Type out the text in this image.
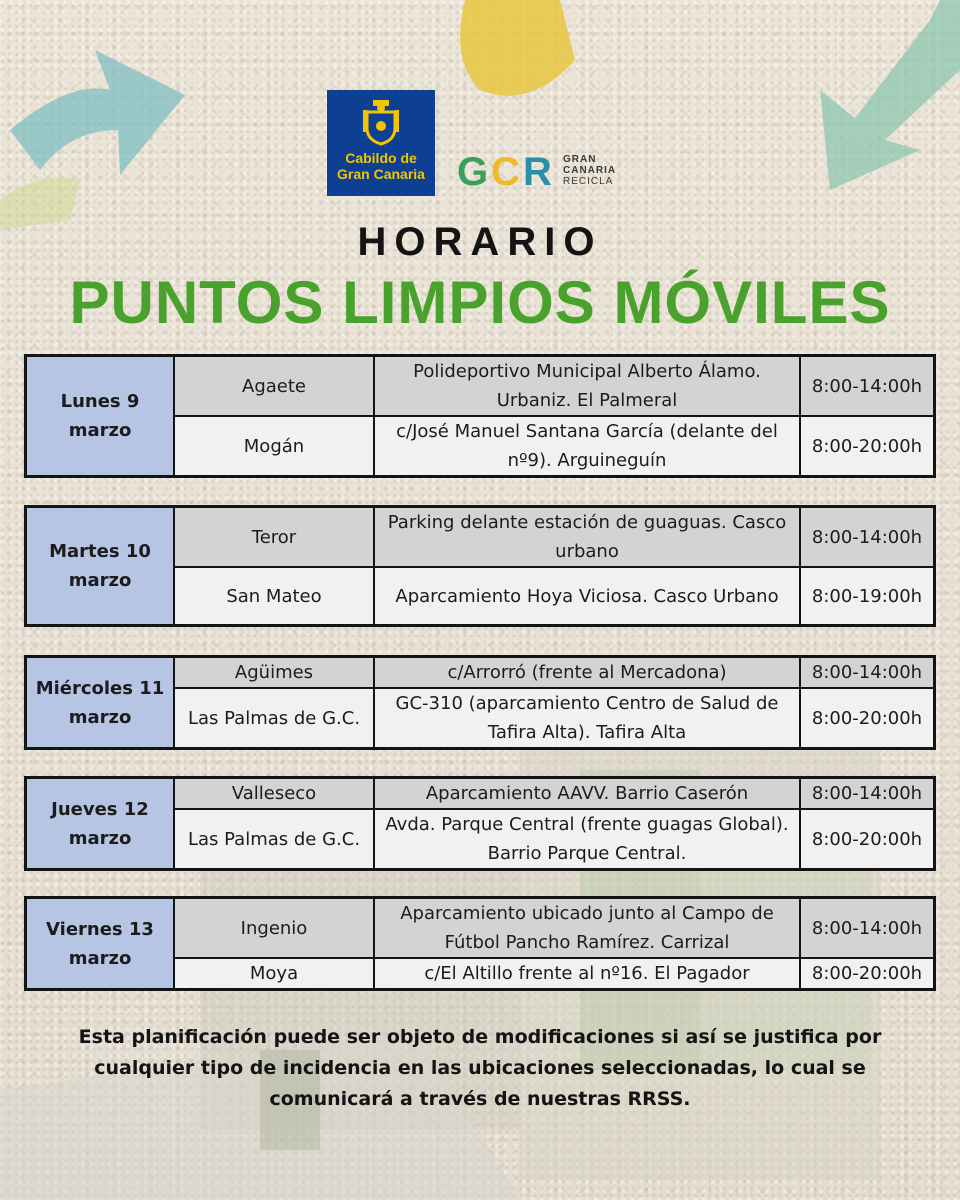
Cabildo de Gran Canaria G C R GRAN
CANARIA
RECICLA
HORARIO
PUNTOS LIMPIOS MÓVILES
Lunes 9 marzo	Agaete	Polideportivo Municipal Alberto Álamo. Urbaniz. El Palmeral	8:00-14:00h
	Mogán	c/José Manuel Santana García (delante del nº9). Arguineguín	8:00-20:00h
Martes 10 marzo	Teror	Parking delante estación de guaguas. Casco urbano	8:00-14:00h
	San Mateo	Aparcamiento Hoya Viciosa. Casco Urbano	8:00-19:00h
Miércoles 11 marzo	Agüimes	c/Arrorró (frente al Mercadona)	8:00-14:00h
	Las Palmas de G.C.	GC-310 (aparcamiento Centro de Salud de Tafira Alta). Tafira Alta	8:00-20:00h
Jueves 12 marzo	Valleseco	Aparcamiento AAVV. Barrio Caserón	8:00-14:00h
	Las Palmas de G.C.	Avda. Parque Central (frente guagas Global). Barrio Parque Central.	8:00-20:00h
Viernes 13 marzo	Ingenio	Aparcamiento ubicado junto al Campo de Fútbol Pancho Ramírez. Carrizal	8:00-14:00h
	Moya	c/El Altillo frente al nº16. El Pagador	8:00-20:00h
Esta planificación puede ser objeto de modificaciones si así se justifica por cualquier tipo de incidencia en las ubicaciones seleccionadas, lo cual se comunicará a través de nuestras RRSS.
